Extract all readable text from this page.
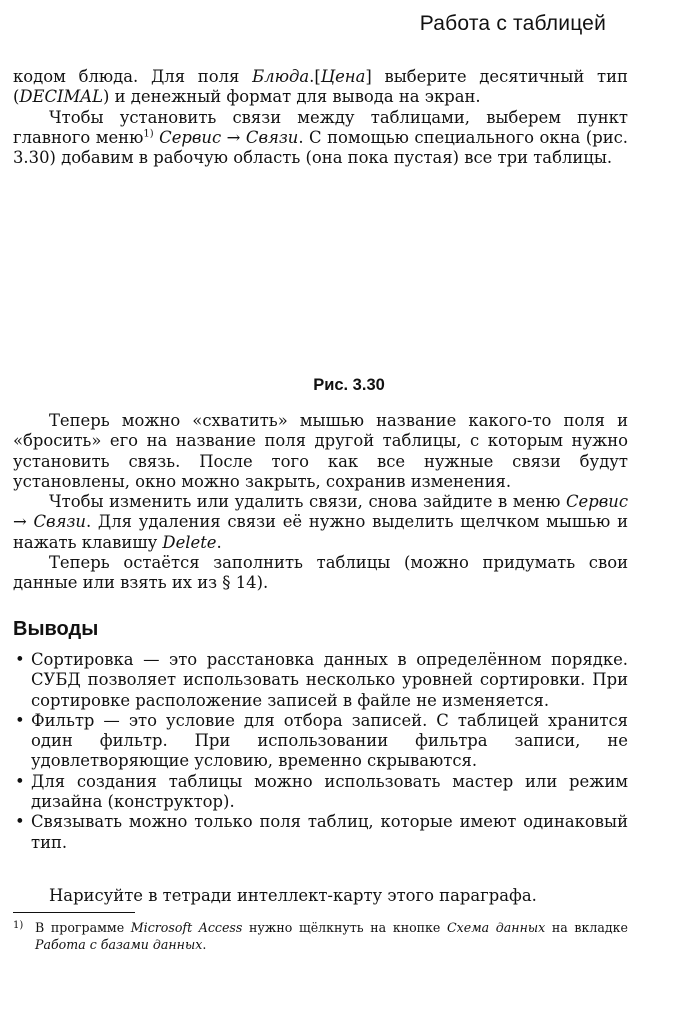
Работа с таблицей

кодом блюда. Для поля Блюда.[Цена] выберите десятичный тип (DECIMAL) и денежный формат для вывода на экран.

Чтобы установить связи между таблицами, выберем пункт главного меню$^{1)}$ Сервис → Связи. С помощью специального окна (рис. 3.30) добавим в рабочую область (она пока пустая) все три таблицы.

Рис. 3.30

Теперь можно «схватить» мышью название какого-то поля и «бросить» его на название поля другой таблицы, с которым нужно установить связь. После того как все нужные связи будут установлены, окно можно закрыть, сохранив изменения.

Чтобы изменить или удалить связи, снова зайдите в меню Сервис → Связи. Для удаления связи её нужно выделить щелчком мышью и нажать клавишу Delete.

Теперь остаётся заполнить таблицы (можно придумать свои данные или взять их из § 14).

Выводы
• Сортировка — это расстановка данных в определённом порядке. СУБД позволяет использовать несколько уровней сортировки. При сортировке расположение записей в файле не изменяется.
• Фильтр — это условие для отбора записей. С таблицей хранится один фильтр. При использовании фильтра записи, не удовлетворяющие условию, временно скрываются.
• Для создания таблицы можно использовать мастер или режим дизайна (конструктор).
• Связывать можно только поля таблиц, которые имеют одинаковый тип.

Нарисуйте в тетради интеллект-карту этого параграфа.

1) В программе Microsoft Access нужно щёлкнуть на кнопке Схема данных на вкладке Работа с базами данных.
